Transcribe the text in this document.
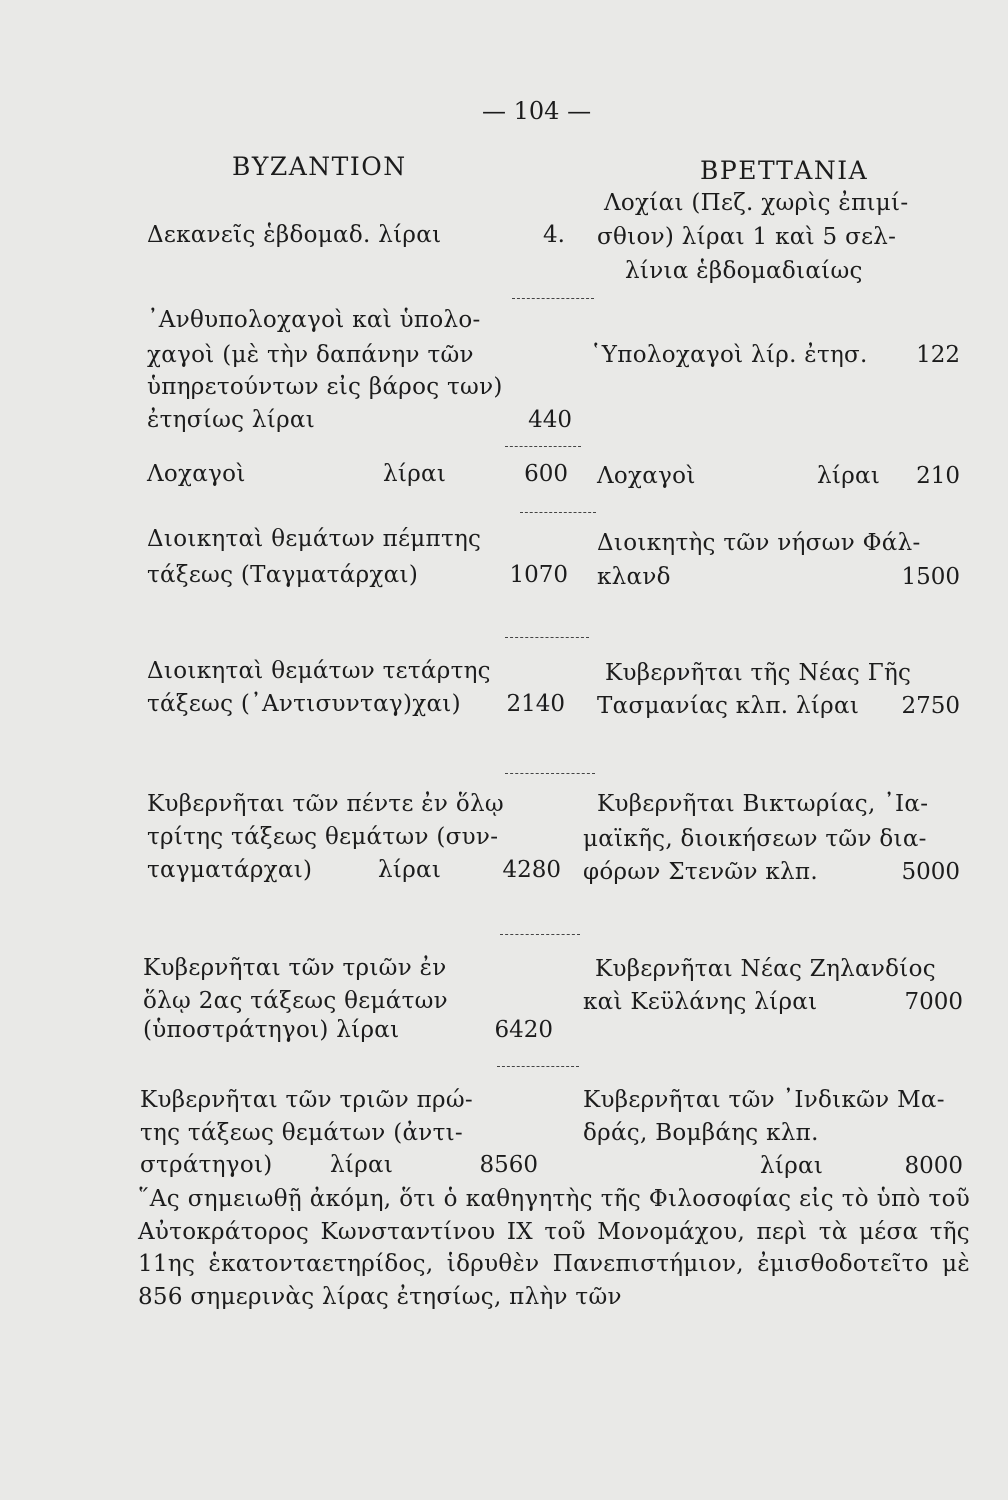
— 104 —
ΒΥΖΑΝΤΙΟΝ	ΒΡΕΤΤΑΝΙΑ
Δεκανεῖς ἑβδομαδ. λίραι	4.
᾿Ανθυπολοχαγοὶ καὶ ὑπολο-
χαγοὶ (μὲ τὴν δαπάνην τῶν
ὑπηρετούντων εἰς βάρος των)
ἐτησίως λίραι	440
Λοχαγοὶ	λίραι	600
Διοικηταὶ θεμάτων πέμπτης
τάξεως (Ταγματάρχαι)	1070
Διοικηταὶ θεμάτων τετάρτης
τάξεως (᾿Αντισυνταγ)χαι) 2140
Κυβερνῆται τῶν πέντε ἐν ὅλῳ
τρίτης τάξεως θεμάτων (συν-
ταγματάρχαι)	λίραι	4280
Κυβερνῆται τῶν τριῶν ἐν
ὅλῳ 2ας τάξεως θεμάτων
(ὑποστράτηγοι) λίραι	6420
Κυβερνῆται τῶν τριῶν πρώ-
της τάξεως θεμάτων (ἀντι-
στράτηγοι) λίραι	8560
Λοχίαι (Πεζ. χωρὶς ἐπιμί-
σθιον) λίραι 1 καὶ 5 σελ-
λίνια ἑβδομαδιαίως
῾Υπολοχαγοὶ λίρ. ἐτησ. 122
Λοχαγοὶ	λίραι 210
Διοικητὴς τῶν νήσων Φάλ-
κλανδ	1500
Κυβερνῆται τῆς Νέας Γῆς
Τασμανίας κλπ. λίραι 2750
Κυβερνῆται Βικτωρίας, ᾿Ια-
μαϊκῆς, διοικήσεων τῶν δια-
φόρων Στενῶν κλπ.	5000
Κυβερνῆται Νέας Ζηλανδίος
καὶ Κεϋλάνης λίραι	7000
Κυβερνῆται τῶν ᾿Ινδικῶν Μα-
δράς, Βομβάης κλπ.
λίραι	8000
῞Ας σημειωθῇ ἀκόμη, ὅτι ὁ καθηγητὴς τῆς Φιλοσοφίας εἰς τὸ ὑπὸ τοῦ Αὐτοκράτορος Κωνσταντίνου ΙΧ τοῦ Μονομάχου, περὶ τὰ μέσα τῆς 11ης ἑκατονταετηρίδος, ἱδρυθὲν Πανεπιστήμιον, ἐμισθοδοτεῖτο μὲ 856 σημερινὰς λίρας ἐτησίως, πλὴν τῶν
